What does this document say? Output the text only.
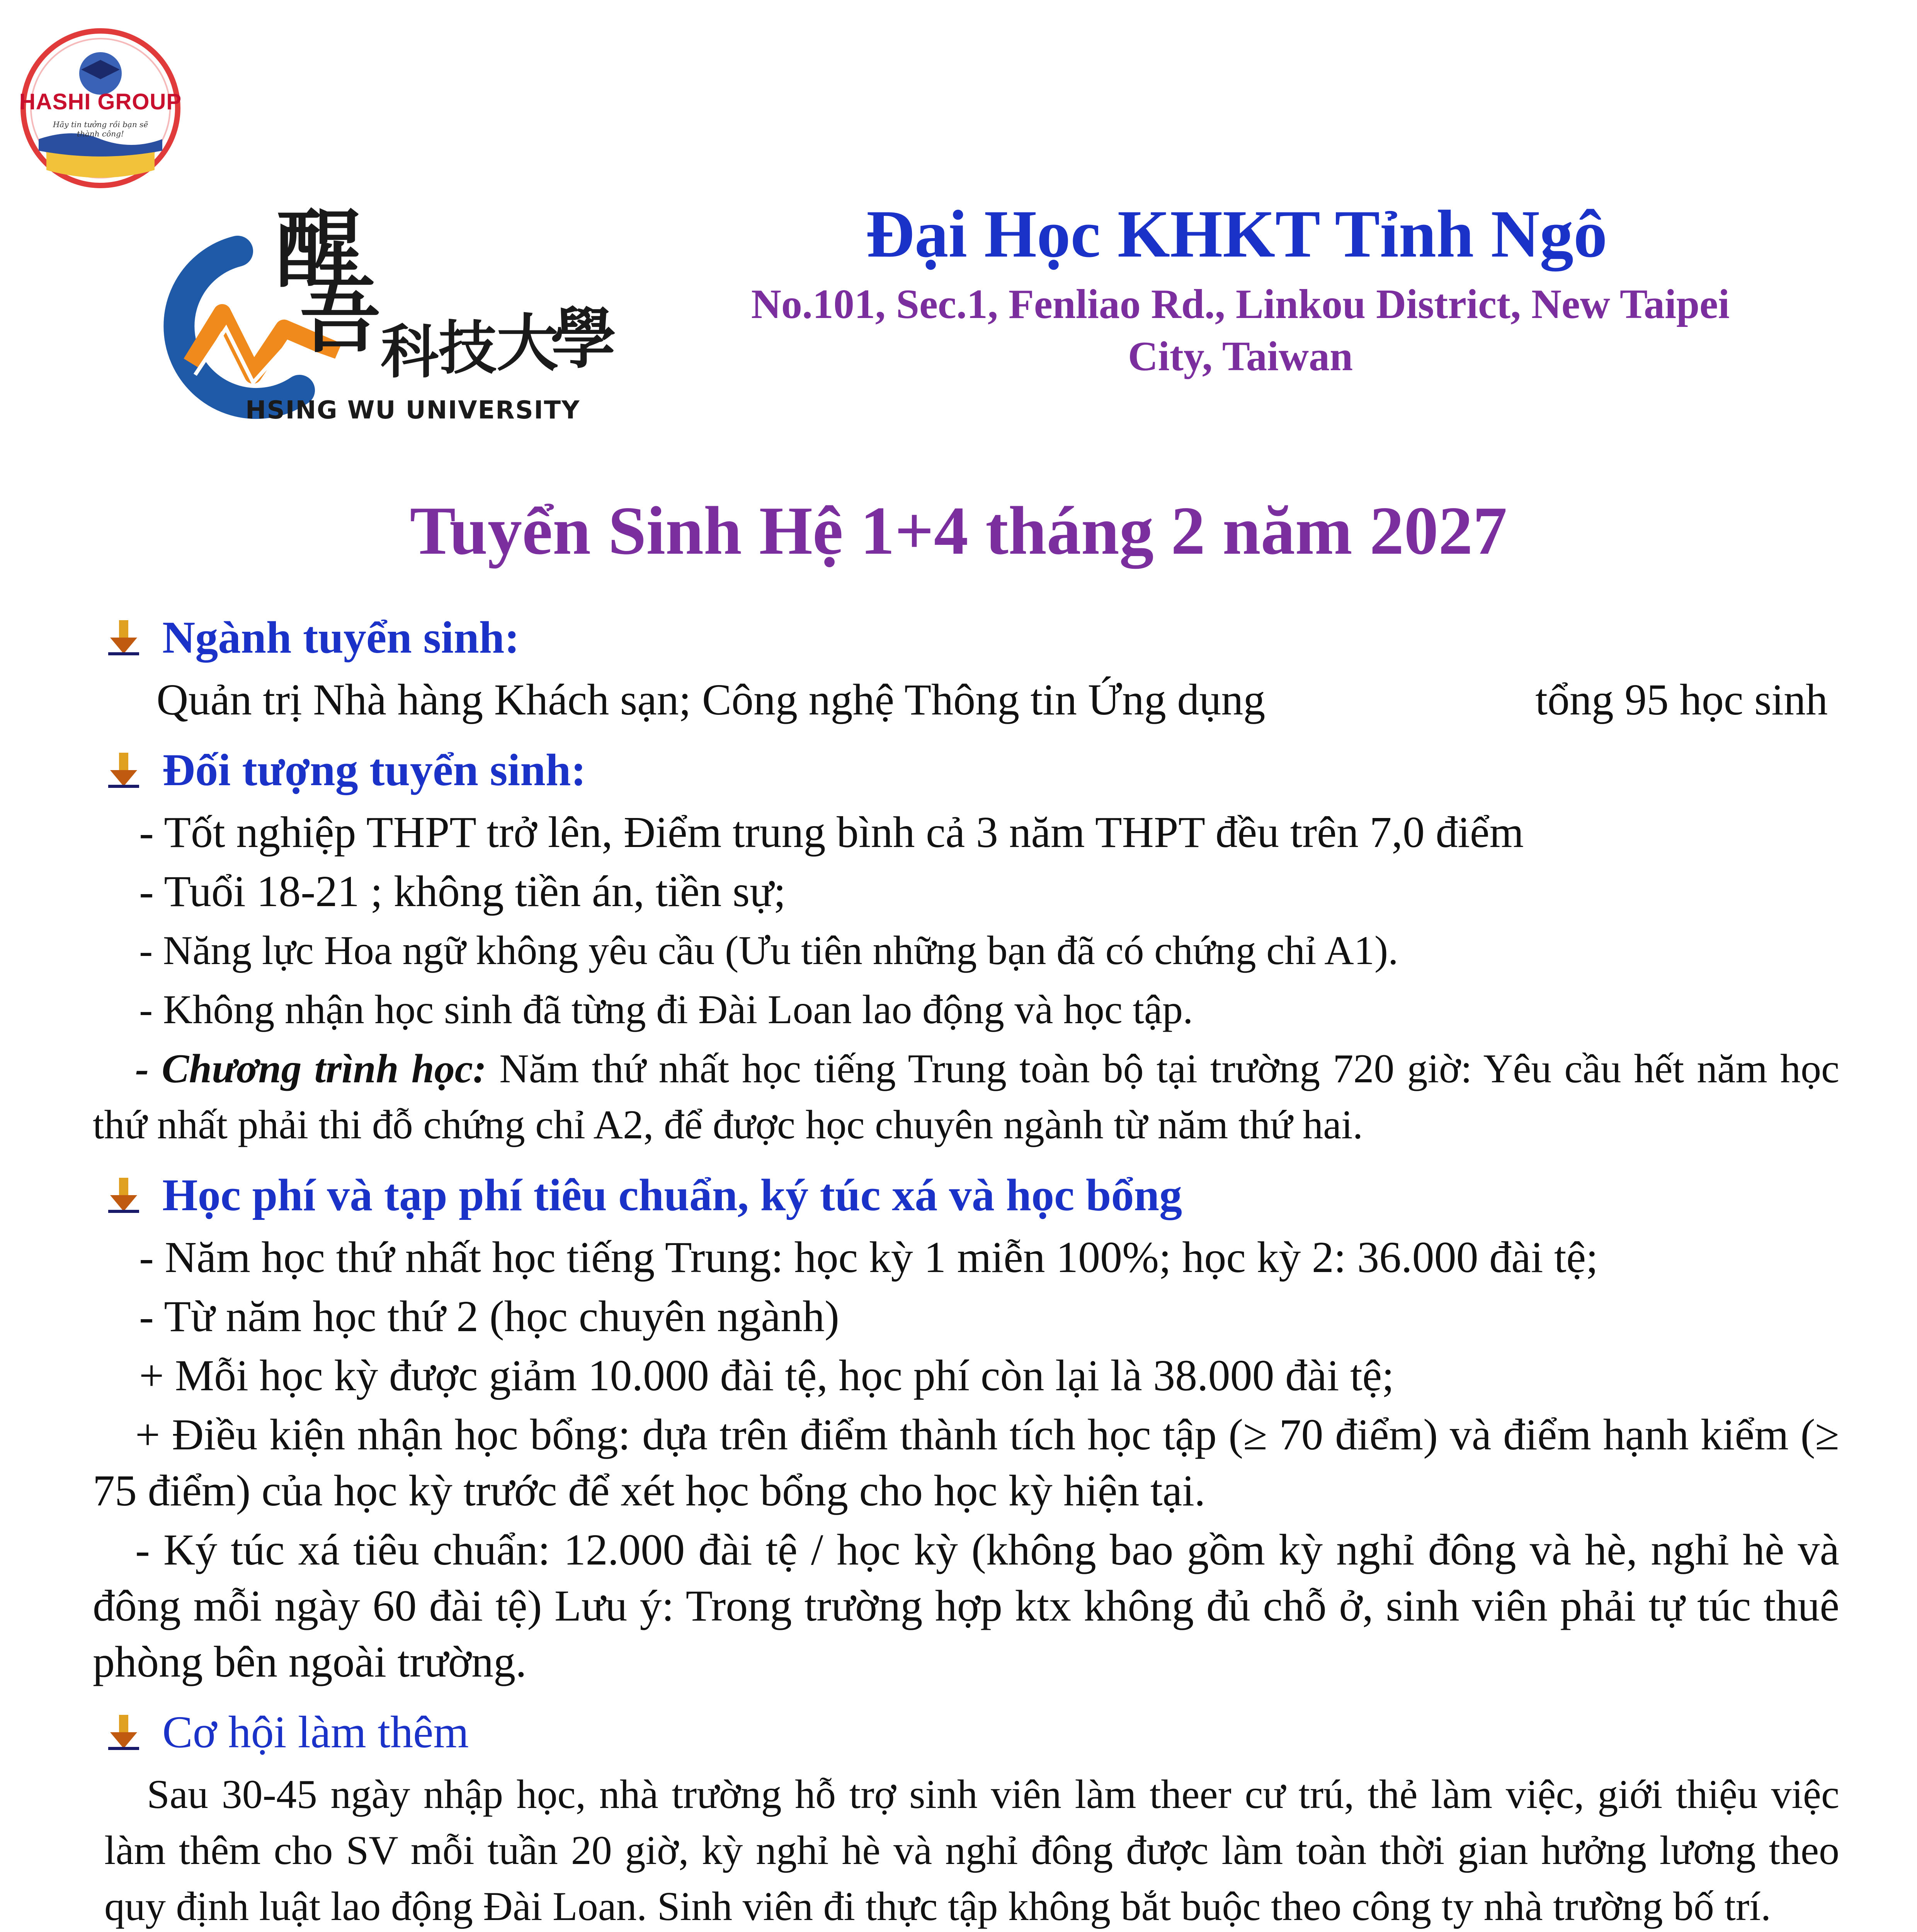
HASHI GROUP
Hãy tin tưởng rồi bạn sẽ thành công!
醒
吾 科 技 大
學
HSING WU UNIVERSITY
Đại Học KHKT Tỉnh Ngô
No.101, Sec.1, Fenliao Rd., Linkou District, New Taipei
City, Taiwan
Tuyển Sinh Hệ 1+4 tháng 2 năm 2027
Ngành tuyển sinh:
Quản trị Nhà hàng Khách sạn; Công nghệ Thông tin Ứng dụng	tổng 95 học sinh
Đối tượng tuyển sinh:
- Tốt nghiệp THPT trở lên, Điểm trung bình cả 3 năm THPT đều trên 7,0 điểm
- Tuổi 18-21 ; không tiền án, tiền sự;
- Năng lực Hoa ngữ không yêu cầu (Ưu tiên những bạn đã có chứng chỉ A1).
- Không nhận học sinh đã từng đi Đài Loan lao động và học tập.
- Chương trình học: Năm thứ nhất học tiếng Trung toàn bộ tại trường 720 giờ: Yêu cầu hết năm học thứ nhất phải thi đỗ chứng chỉ A2, để được học chuyên ngành từ năm thứ hai.
Học phí và tạp phí tiêu chuẩn, ký túc xá và học bổng
- Năm học thứ nhất học tiếng Trung: học kỳ 1 miễn 100%; học kỳ 2: 36.000 đài tệ;
- Từ năm học thứ 2 (học chuyên ngành)
+ Mỗi học kỳ được giảm 10.000 đài tệ, học phí còn lại là 38.000 đài tệ;
+ Điều kiện nhận học bổng: dựa trên điểm thành tích học tập (≥ 70 điểm) và điểm hạnh kiểm (≥ 75 điểm) của học kỳ trước để xét học bổng cho học kỳ hiện tại.
- Ký túc xá tiêu chuẩn: 12.000 đài tệ / học kỳ (không bao gồm kỳ nghỉ đông và hè, nghỉ hè và đông mỗi ngày 60 đài tệ) Lưu ý: Trong trường hợp ktx không đủ chỗ ở, sinh viên phải tự túc thuê phòng bên ngoài trường.
Cơ hội làm thêm
Sau 30-45 ngày nhập học, nhà trường hỗ trợ sinh viên làm theer cư trú, thẻ làm việc, giới thiệu việc làm thêm cho SV mỗi tuần 20 giờ, kỳ nghỉ hè và nghỉ đông được làm toàn thời gian hưởng lương theo quy định luật lao động Đài Loan. Sinh viên đi thực tập không bắt buộc theo công ty nhà trường bố trí.
